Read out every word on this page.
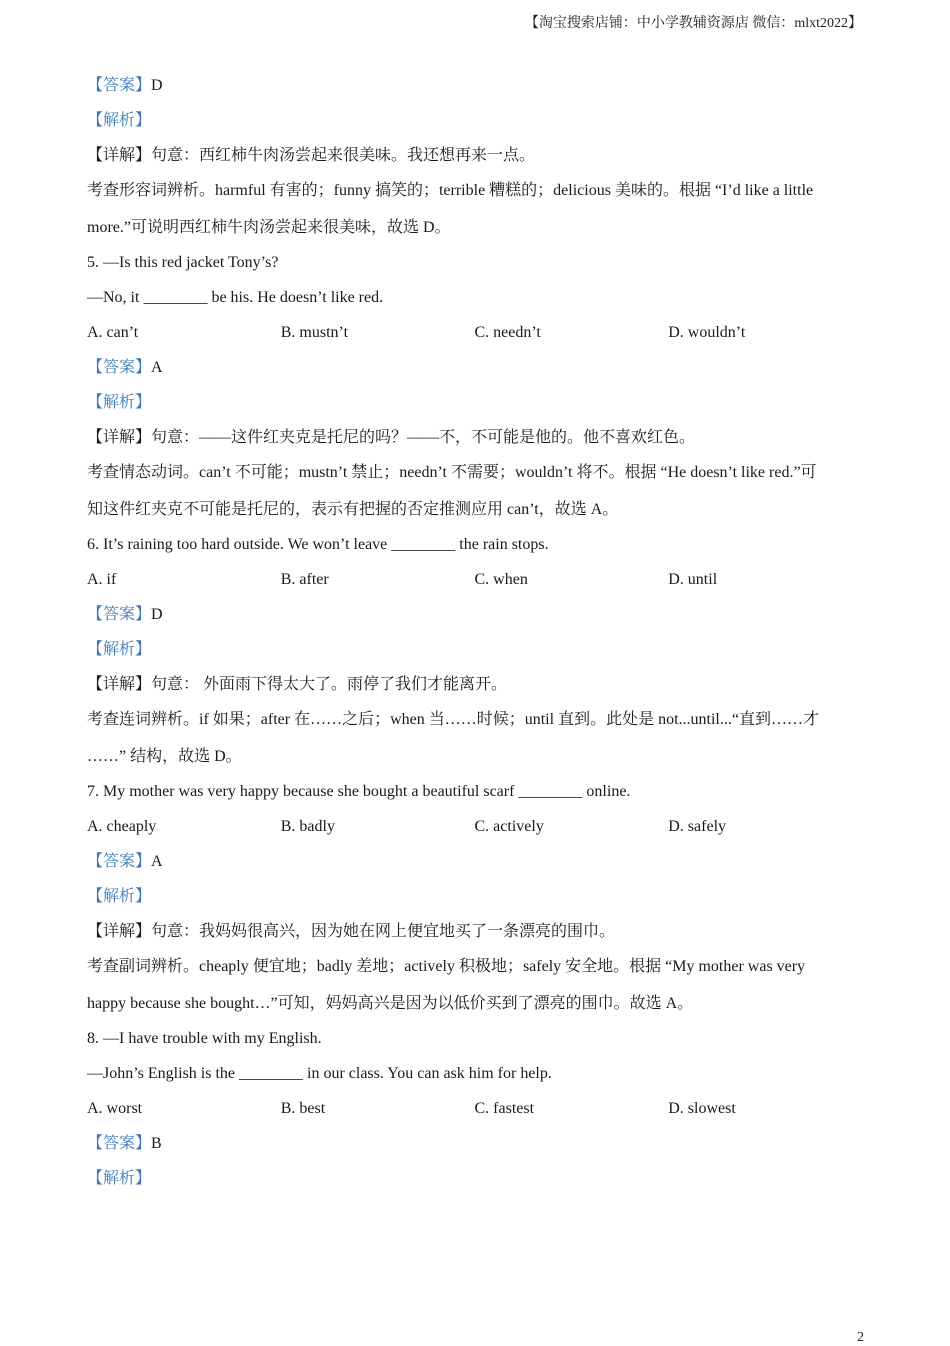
【淘宝搜索店铺：中小学教辅资源店 微信：mlxt2022】

【答案】D

【解析】

【详解】句意：西红柿牛肉汤尝起来很美味。我还想再来一点。

考查形容词辨析。harmful 有害的；funny 搞笑的；terrible 糟糕的；delicious 美味的。根据 “I’d like a little

more.”可说明西红柿牛肉汤尝起来很美味，故选 D。

5. —Is this red jacket Tony’s?

—No, it ________ be his. He doesn’t like red.

A. can’t	B. mustn’t	C. needn’t	D. wouldn’t

【答案】A

【解析】

【详解】句意：——这件红夹克是托尼的吗？——不，不可能是他的。他不喜欢红色。

考查情态动词。can’t 不可能；mustn’t 禁止；needn’t 不需要；wouldn’t 将不。根据 “He doesn’t like red.”可

知这件红夹克不可能是托尼的，表示有把握的否定推测应用 can’t，故选 A。

6. It’s raining too hard outside. We won’t leave ________ the rain stops.

A. if	B. after	C. when	D. until

【答案】D

【解析】

【详解】句意： 外面雨下得太大了。雨停了我们才能离开。

考查连词辨析。if 如果；after 在……之后；when 当……时候；until 直到。此处是 not...until...“直到……才

……” 结构，故选 D。

7. My mother was very happy because she bought a beautiful scarf ________ online.

A. cheaply	B. badly	C. actively	D. safely

【答案】A

【解析】

【详解】句意：我妈妈很高兴，因为她在网上便宜地买了一条漂亮的围巾。

考查副词辨析。cheaply 便宜地；badly 差地；actively 积极地；safely 安全地。根据 “My mother was very

happy because she bought…”可知，妈妈高兴是因为以低价买到了漂亮的围巾。故选 A。

8. —I have trouble with my English.

—John’s English is the ________ in our class. You can ask him for help.

A. worst	B. best	C. fastest	D. slowest

【答案】B

【解析】

2
